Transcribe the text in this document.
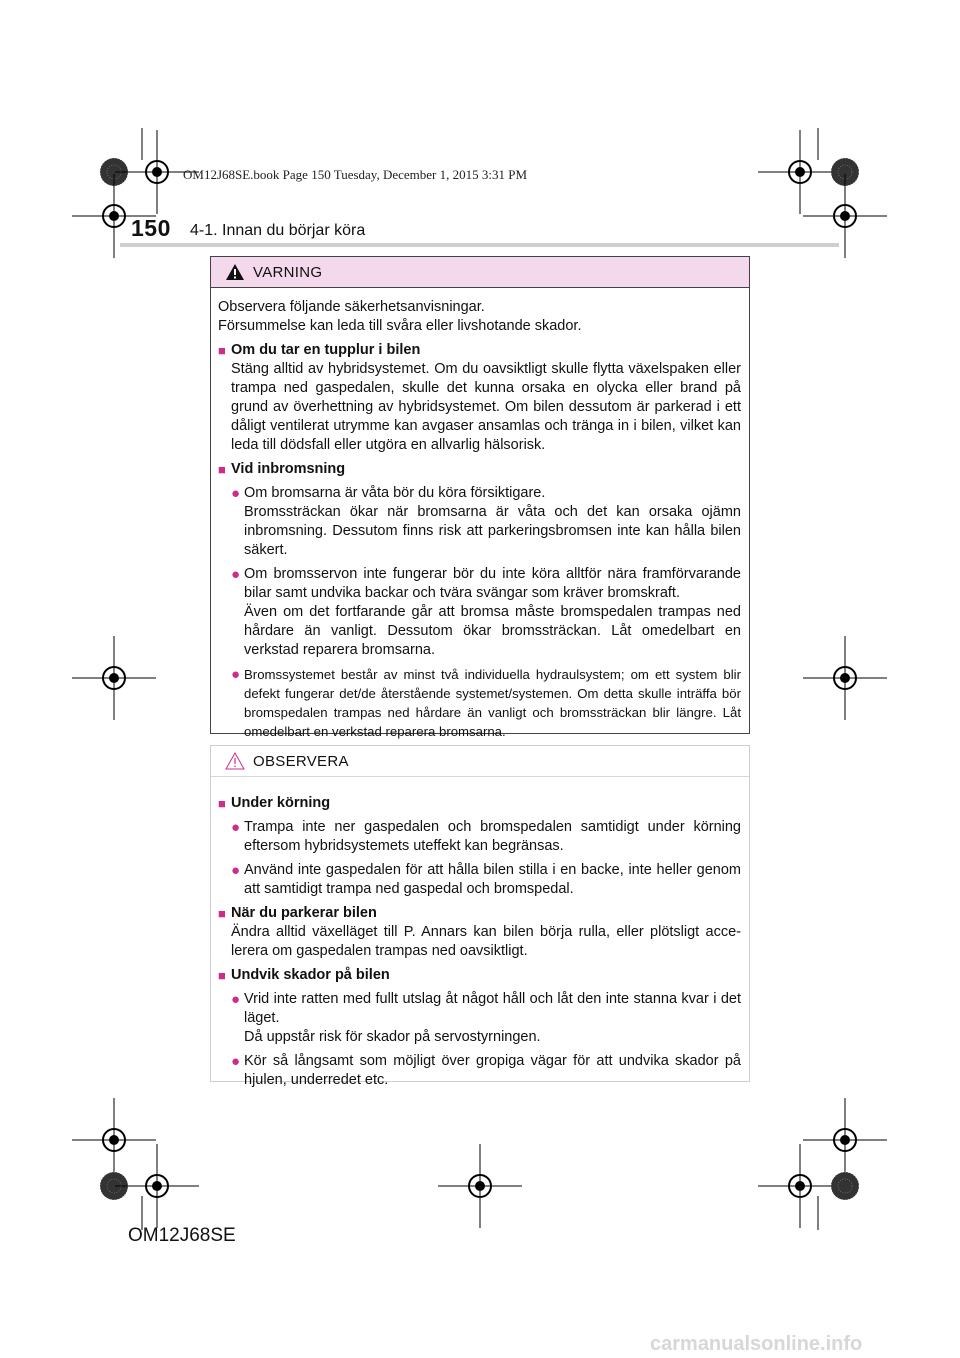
OM12J68SE.book Page 150 Tuesday, December 1, 2015 3:31 PM
150 4-1. Innan du börjar köra
VARNING

Observera följande säkerhetsanvisningar.

Försummelse kan leda till svåra eller livshotande skador.

■ Om du tar en tupplur i bilen

Stäng alltid av hybridsystemet. Om du oavsiktligt skulle flytta växelspaken eller trampa ned gaspedalen, skulle det kunna orsaka en olycka eller brand på grund av överhettning av hybridsystemet. Om bilen dessutom är parkerad i ett dåligt ventilerat utrymme kan avgaser ansamlas och tränga in i bilen, vilket kan leda till dödsfall eller utgöra en allvarlig hälsorisk.

■ Vid inbromsning
● Om bromsarna är våta bör du köra försiktigare.

Bromssträckan ökar när bromsarna är våta och det kan orsaka ojämn inbromsning. Dessutom finns risk att parkeringsbromsen inte kan hålla bilen säkert.

● Om bromsservon inte fungerar bör du inte köra alltför nära framförvarande bilar samt undvika backar och tvära svängar som kräver bromskraft.

Även om det fortfarande går att bromsa måste bromspedalen trampas ned hårdare än vanligt. Dessutom ökar bromssträckan. Låt omedelbart en verkstad reparera bromsarna.

● Bromssystemet består av minst två individuella hydraulsystem; om ett system blir defekt fungerar det/de återstående systemet/systemen. Om detta skulle inträffa bör bromspedalen trampas ned hårdare än vanligt och bromssträckan blir längre. Låt omedelbart en verkstad reparera bromsarna.

OBSERVERA
■ Under körning
● Trampa inte ner gaspedalen och bromspedalen samtidigt under körning eftersom hybridsystemets uteffekt kan begränsas.

● Använd inte gaspedalen för att hålla bilen stilla i en backe, inte heller genom att samtidigt trampa ned gaspedal och bromspedal.

■ När du parkerar bilen

Ändra alltid växelläget till P. Annars kan bilen börja rulla, eller plötsligt accelerera om gaspedalen trampas ned oavsiktligt.

■ Undvik skador på bilen
● Vrid inte ratten med fullt utslag åt något håll och låt den inte stanna kvar i det läget.

Då uppstår risk för skador på servostyrningen.

● Kör så långsamt som möjligt över gropiga vägar för att undvika skador på hjulen, underredet etc.

OM12J68SE
carmanualsonline.info
